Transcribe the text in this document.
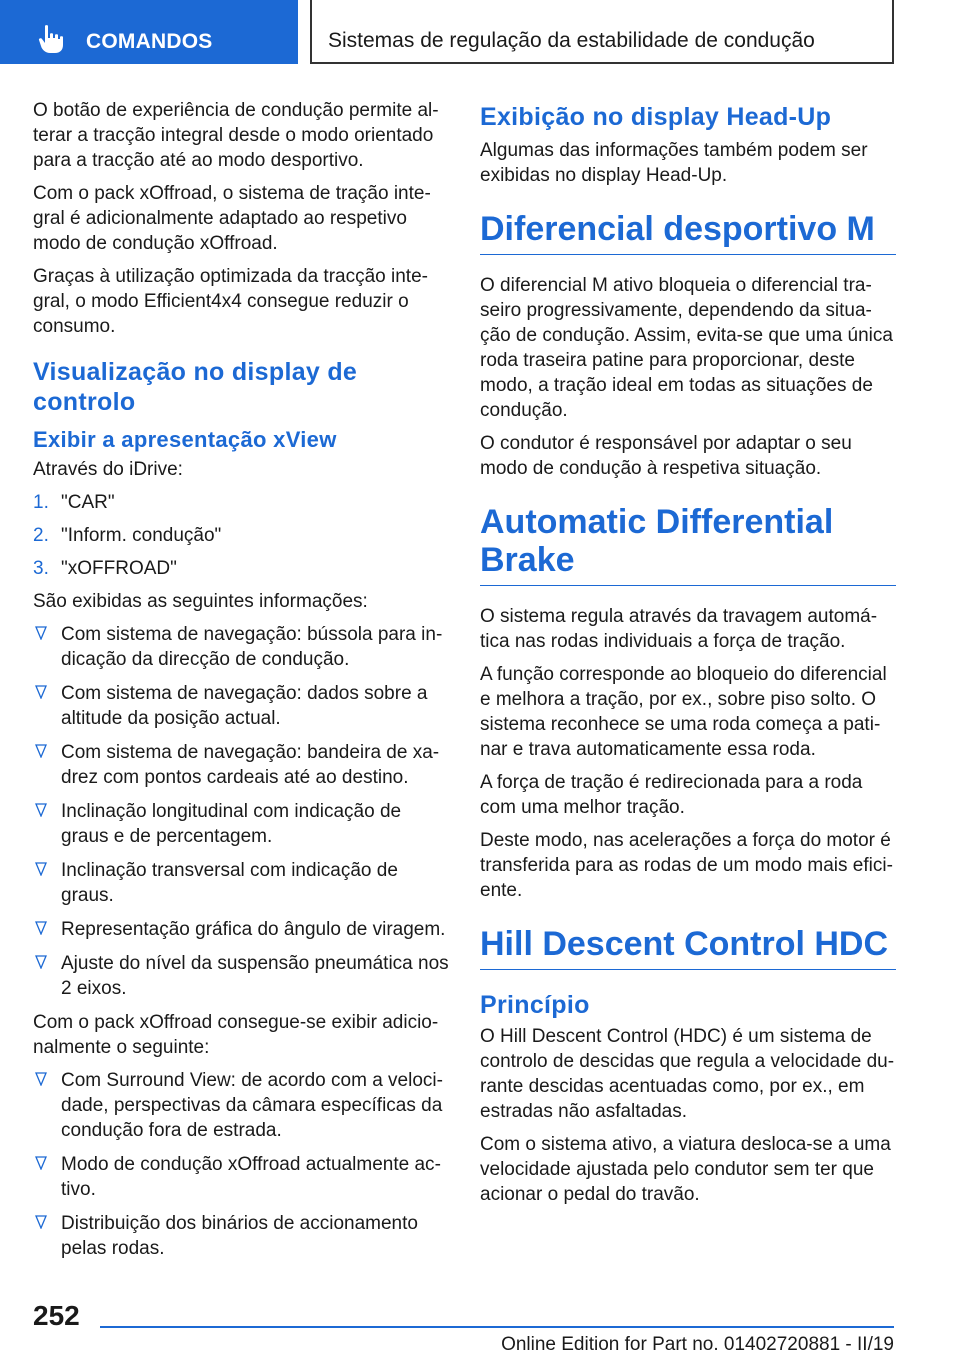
COMANDOS	Sistemas de regulação da estabilidade de condução

O botão de experiência de condução permite alterar a tracção integral desde o modo orientado para a tracção até ao modo desportivo.

Com o pack xOffroad, o sistema de tração integral é adicionalmente adaptado ao respetivo modo de condução xOffroad.

Graças à utilização optimizada da tracção integral, o modo Efficient4x4 consegue reduzir o consumo.

Visualização no display de controlo
Exibir a apresentação xView

Através do iDrive:

1. "CAR"
2. "Inform. condução"
3. "xOFFROAD"

São exibidas as seguintes informações:

Com sistema de navegação: bússola para indicação da direcção de condução.
Com sistema de navegação: dados sobre a altitude da posição actual.
Com sistema de navegação: bandeira de xadrez com pontos cardeais até ao destino.
Inclinação longitudinal com indicação de graus e de percentagem.
Inclinação transversal com indicação de graus.
Representação gráfica do ângulo de viragem.
Ajuste do nível da suspensão pneumática nos 2 eixos.

Com o pack xOffroad consegue-se exibir adicionalmente o seguinte:

Com Surround View: de acordo com a velocidade, perspectivas da câmara específicas da condução fora de estrada.
Modo de condução xOffroad actualmente activo.
Distribuição dos binários de accionamento pelas rodas.
Exibição no display Head-Up

Algumas das informações também podem ser exibidas no display Head-Up.

Diferencial desportivo M

O diferencial M ativo bloqueia o diferencial traseiro progressivamente, dependendo da situação de condução. Assim, evita-se que uma única roda traseira patine para proporcionar, deste modo, a tração ideal em todas as situações de condução.

O condutor é responsável por adaptar o seu modo de condução à respetiva situação.

Automatic Differential Brake

O sistema regula através da travagem automática nas rodas individuais a força de tração.

A função corresponde ao bloqueio do diferencial e melhora a tração, por ex., sobre piso solto. O sistema reconhece se uma roda começa a patinar e trava automaticamente essa roda.

A força de tração é redirecionada para a roda com uma melhor tração.

Deste modo, nas acelerações a força do motor é transferida para as rodas de um modo mais eficiente.

Hill Descent Control HDC
Princípio

O Hill Descent Control (HDC) é um sistema de controlo de descidas que regula a velocidade durante descidas acentuadas como, por ex., em estradas não asfaltadas.

Com o sistema ativo, a viatura desloca-se a uma velocidade ajustada pelo condutor sem ter que acionar o pedal do travão.

252
Online Edition for Part no. 01402720881 - II/19
